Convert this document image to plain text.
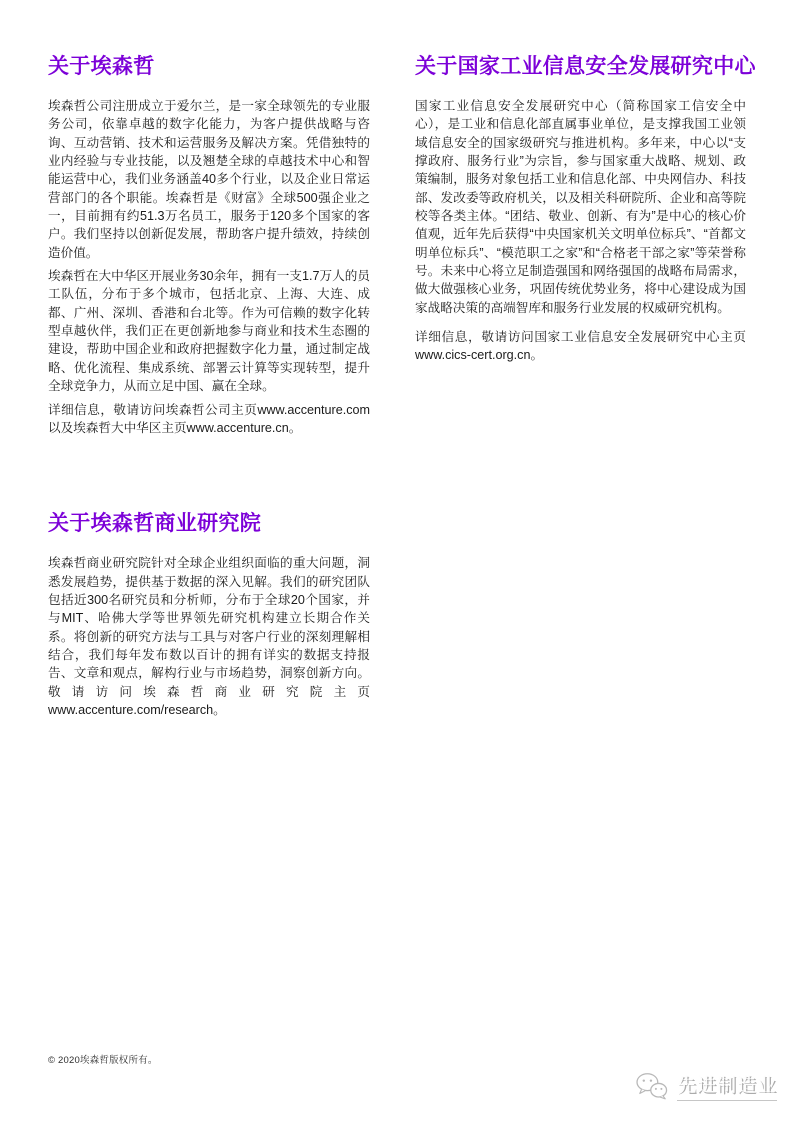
关于埃森哲

埃森哲公司注册成立于爱尔兰，是一家全球领先的专业服务公司，依靠卓越的数字化能力，为客户提供战略与咨询、互动营销、技术和运营服务及解决方案。凭借独特的业内经验与专业技能，以及翘楚全球的卓越技术中心和智能运营中心，我们业务涵盖40多个行业，以及企业日常运营部门的各个职能。埃森哲是《财富》全球500强企业之一，目前拥有约51.3万名员工，服务于120多个国家的客户。我们坚持以创新促发展，帮助客户提升绩效，持续创造价值。

埃森哲在大中华区开展业务30余年，拥有一支1.7万人的员工队伍，分布于多个城市，包括北京、上海、大连、成都、广州、深圳、香港和台北等。作为可信赖的数字化转型卓越伙伴，我们正在更创新地参与商业和技术生态圈的建设，帮助中国企业和政府把握数字化力量，通过制定战略、优化流程、集成系统、部署云计算等实现转型，提升全球竞争力，从而立足中国、赢在全球。

详细信息，敬请访问埃森哲公司主页www.accenture.com以及埃森哲大中华区主页www.accenture.cn。

关于埃森哲商业研究院

埃森哲商业研究院针对全球企业组织面临的重大问题，洞悉发展趋势，提供基于数据的深入见解。我们的研究团队包括近300名研究员和分析师，分布于全球20个国家，并与MIT、哈佛大学等世界领先研究机构建立长期合作关系。将创新的研究方法与工具与对客户行业的深刻理解相结合，我们每年发布数以百计的拥有详实的数据支持报告、文章和观点，解构行业与市场趋势，洞察创新方向。敬请访问埃森哲商业研究院主页www.accenture.com/research。

关于国家工业信息安全发展研究中心

国家工业信息安全发展研究中心（简称国家工信安全中心），是工业和信息化部直属事业单位，是支撑我国工业领域信息安全的国家级研究与推进机构。多年来，中心以“支撑政府、服务行业”为宗旨，参与国家重大战略、规划、政策编制，服务对象包括工业和信息化部、中央网信办、科技部、发改委等政府机关，以及相关科研院所、企业和高等院校等各类主体。“团结、敬业、创新、有为”是中心的核心价值观，近年先后获得“中央国家机关文明单位标兵”、“首都文明单位标兵”、“模范职工之家”和“合格老干部之家”等荣誉称号。未来中心将立足制造强国和网络强国的战略布局需求，做大做强核心业务，巩固传统优势业务，将中心建设成为国家战略决策的高端智库和服务行业发展的权威研究机构。

详细信息，敬请访问国家工业信息安全发展研究中心主页www.cics-cert.org.cn。

© 2020埃森哲版权所有。
先进制造业
